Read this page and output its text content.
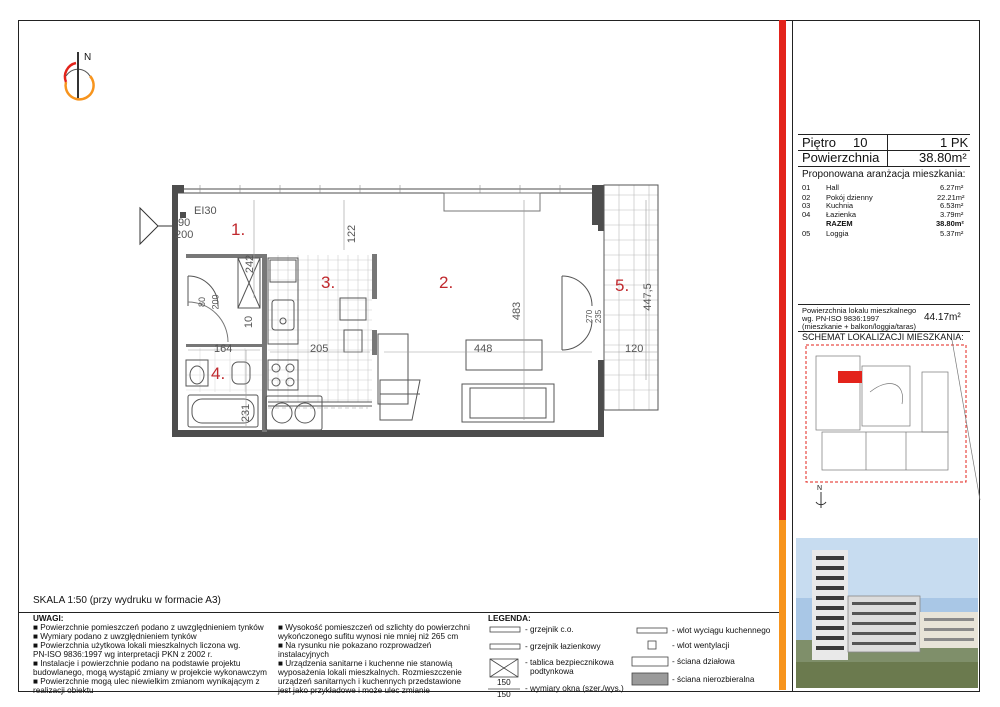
1.
2.
3.
4.
5.
EI30
90
200
242
122
483
447,5
164	205	448	120
80 200
10
231
270 235
N
Piętro 10	1 PK
Powierzchnia	38.80m²
Proponowana aranżacja mieszkania:
01 Hall	6.27m²
02 Pokój dzienny	22.21m²
03 Kuchnia	6.53m²
04 Łazienka	3.79m²
RAZEM	38.80m²
05 Loggia	5.37m²
Powierzchnia lokalu mieszkalnego
wg. PN-ISO 9836:1997
(mieszkanie + balkon/loggia/taras)
44.17m²
SCHEMAT LOKALIZACJI MIESZKANIA:
N
SKALA 1:50 (przy wydruku w formacie A3)
UWAGI:
■ Powierzchnie pomieszczeń podano z uwzględnieniem tynków
■ Wymiary podano z uwzględnieniem tynków
■ Powierzchnia użytkowa lokali mieszkalnych liczona wg.
PN-ISO 9836:1997 wg interpretacji PKN z 2002 r.
■ Instalacje i powierzchnie podano na podstawie projektu
budowlanego, mogą wystąpić zmiany w projekcie wykonawczym
■ Powierzchnie mogą ulec niewielkim zmianom wynikającym z
realizacji obiektu
■ Wysokość pomieszczeń od szlichty do powierzchni
wykończonego sufitu wynosi nie mniej niż 265 cm
■ Na rysunku nie pokazano rozprowadzeń
instalacyjnych
■ Urządzenia sanitarne i kuchenne nie stanowią
wyposażenia lokali mieszkalnych. Rozmieszczenie
urządzeń sanitarnych i kuchennych przedstawione
jest jako przykładowe i może ulec zmianie
LEGENDA:
- grzejnik c.o.
- grzejnik łazienkowy
- tablica bezpiecznikowa
podtynkowa
- wymiary okna (szer./wys.)
150
150
- wlot wyciągu kuchennego
- wlot wentylacji
- ściana działowa
- ściana nierozbieralna
